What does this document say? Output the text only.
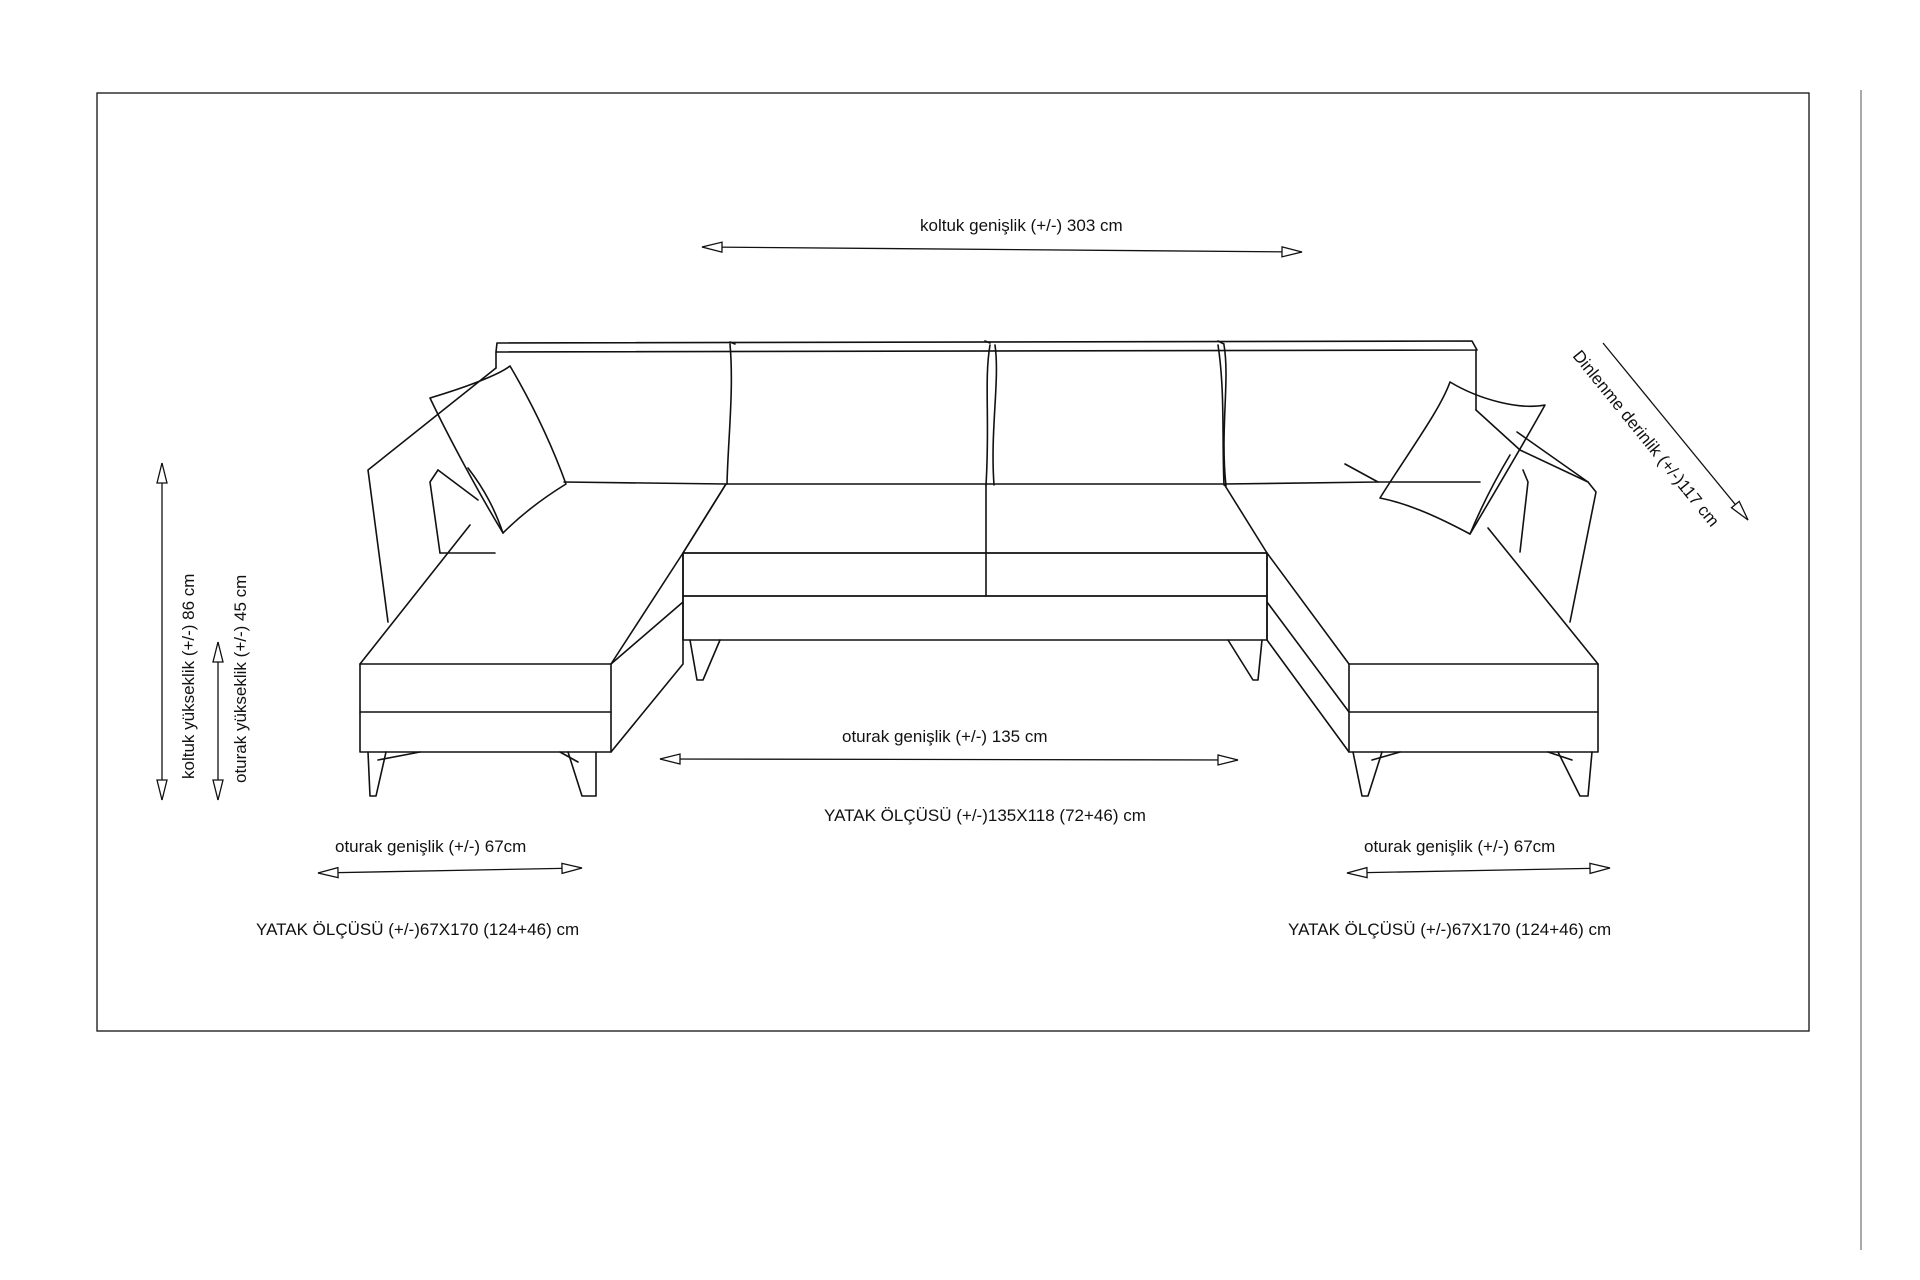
koltuk genişlik (+/-) 303 cm
Dinlenme derinlik (+/-)117 cm
koltuk yükseklik (+/-) 86 cm oturak yükseklik (+/-) 45 cm	oturak genişlik (+/-) 135 cm
YATAK ÖLÇÜSÜ (+/-)135X118 (72+46) cm
oturak genişlik (+/-) 67cm
YATAK ÖLÇÜSÜ (+/-)67X170 (124+46) cm
oturak genişlik (+/-) 67cm
YATAK ÖLÇÜSÜ (+/-)67X170 (124+46) cm
